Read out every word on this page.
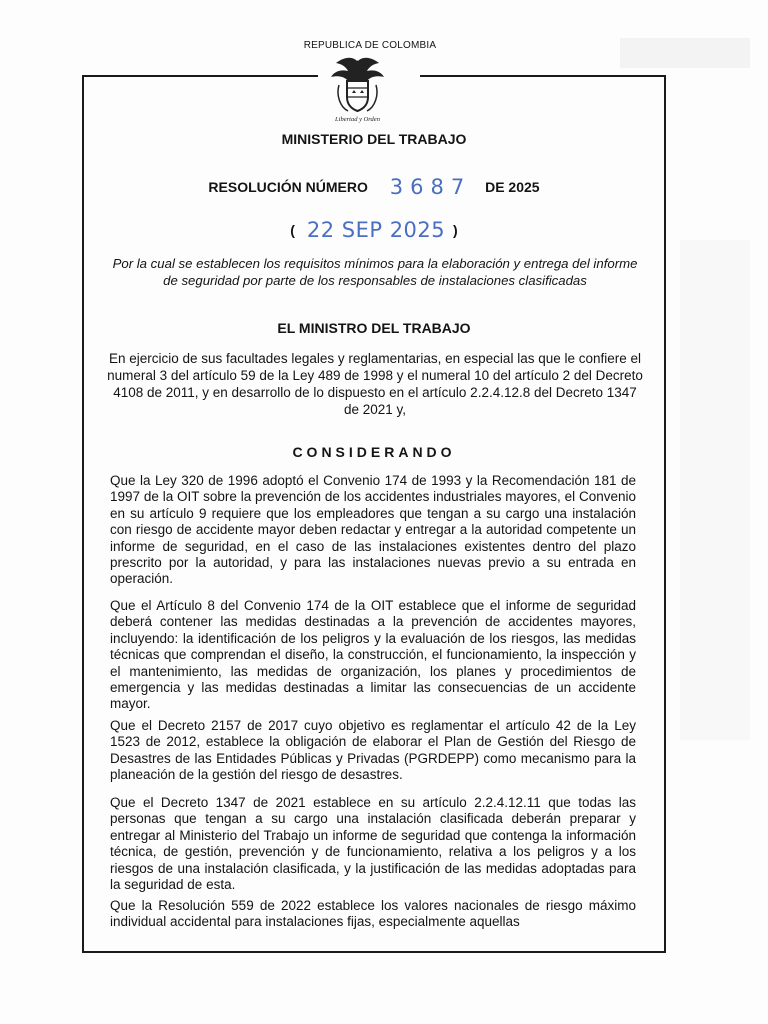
REPUBLICA DE COLOMBIA
Libertad y Orden
MINISTERIO DEL TRABAJO
RESOLUCIÓN NÚMERO 3687 DE 2025
( 22 SEP 2025 )
Por la cual se establecen los requisitos mínimos para la elaboración y entrega del informe de seguridad por parte de los responsables de instalaciones clasificadas
EL MINISTRO DEL TRABAJO
En ejercicio de sus facultades legales y reglamentarias, en especial las que le confiere el numeral 3 del artículo 59 de la Ley 489 de 1998 y el numeral 10 del artículo 2 del Decreto 4108 de 2011, y en desarrollo de lo dispuesto en el artículo 2.2.4.12.8 del Decreto 1347 de 2021 y,
CONSIDERANDO

Que la Ley 320 de 1996 adoptó el Convenio 174 de 1993 y la Recomendación 181 de 1997 de la OIT sobre la prevención de los accidentes industriales mayores, el Convenio en su artículo 9 requiere que los empleadores que tengan a su cargo una instalación con riesgo de accidente mayor deben redactar y entregar a la autoridad competente un informe de seguridad, en el caso de las instalaciones existentes dentro del plazo prescrito por la autoridad, y para las instalaciones nuevas previo a su entrada en operación.

Que el Artículo 8 del Convenio 174 de la OIT establece que el informe de seguridad deberá contener las medidas destinadas a la prevención de accidentes mayores, incluyendo: la identificación de los peligros y la evaluación de los riesgos, las medidas técnicas que comprendan el diseño, la construcción, el funcionamiento, la inspección y el mantenimiento, las medidas de organización, los planes y procedimientos de emergencia y las medidas destinadas a limitar las consecuencias de un accidente mayor.

Que el Decreto 2157 de 2017 cuyo objetivo es reglamentar el artículo 42 de la Ley 1523 de 2012, establece la obligación de elaborar el Plan de Gestión del Riesgo de Desastres de las Entidades Públicas y Privadas (PGRDEPP) como mecanismo para la planeación de la gestión del riesgo de desastres.

Que el Decreto 1347 de 2021 establece en su artículo 2.2.4.12.11 que todas las personas que tengan a su cargo una instalación clasificada deberán preparar y entregar al Ministerio del Trabajo un informe de seguridad que contenga la información técnica, de gestión, prevención y de funcionamiento, relativa a los peligros y a los riesgos de una instalación clasificada, y la justificación de las medidas adoptadas para la seguridad de esta.

Que la Resolución 559 de 2022 establece los valores nacionales de riesgo máximo individual accidental para instalaciones fijas, especialmente aquellas
